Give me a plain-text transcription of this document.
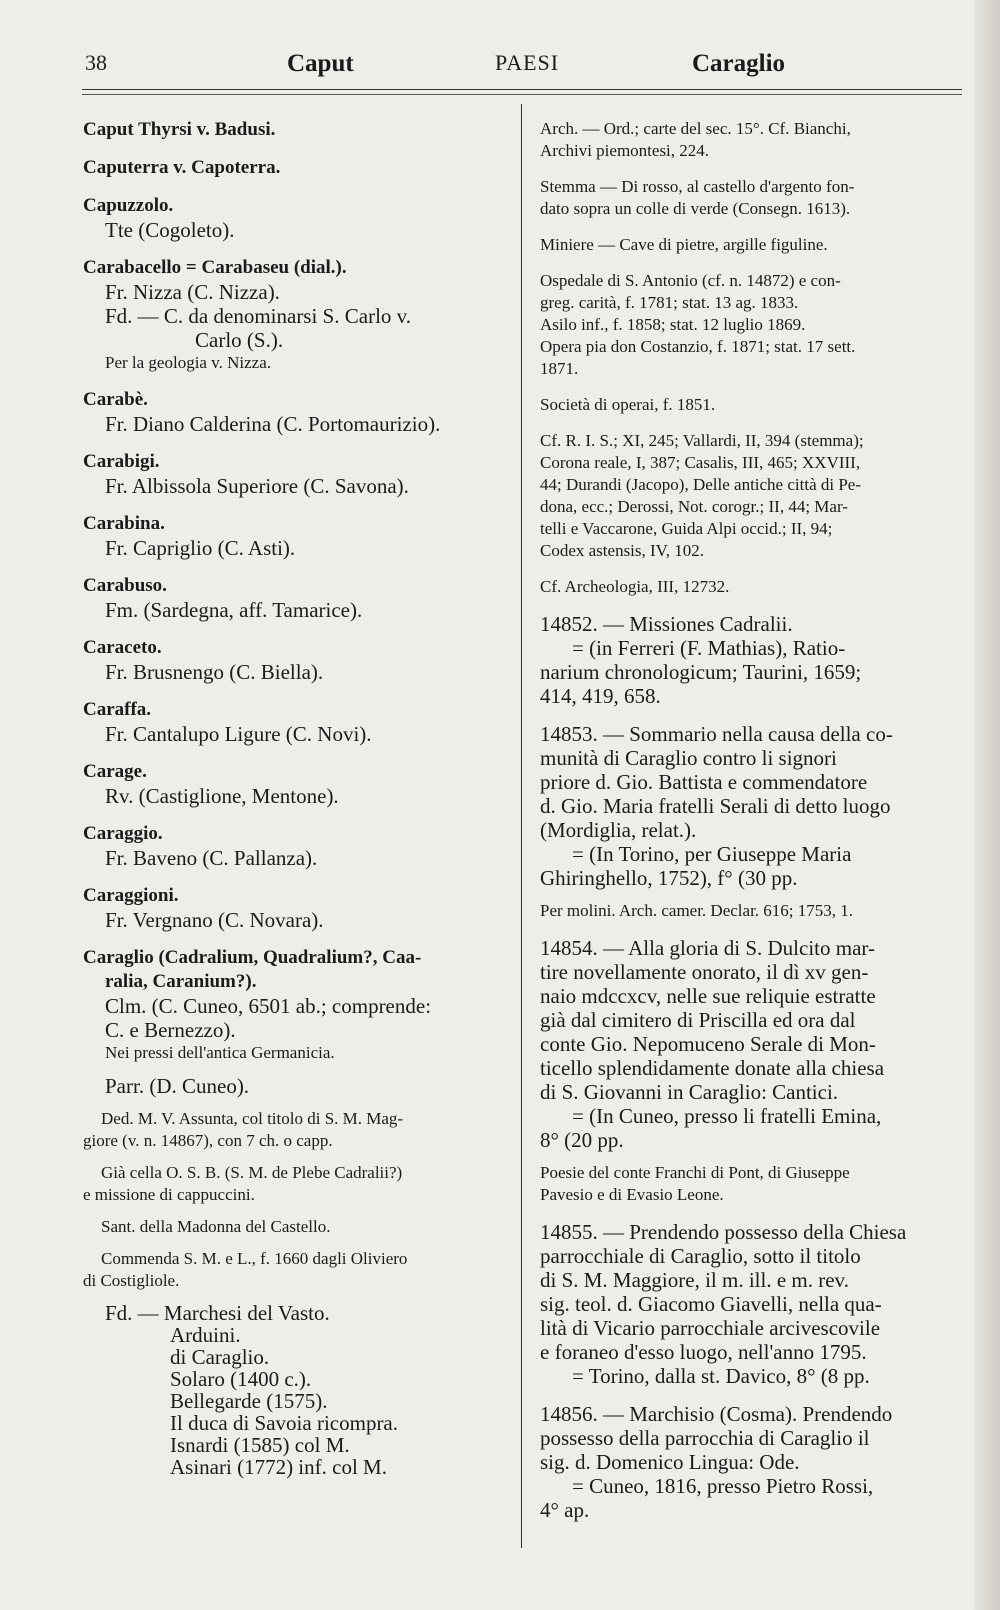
38	Caput	PAESI	Caraglio
Caput Thyrsi v. Badusi.
Caputerra v. Capoterra.
Capuzzolo.
Tte (Cogoleto).
Carabacello = Carabaseu (dial.).
Fr. Nizza (C. Nizza).
Fd. — C. da denominarsi S. Carlo v.
Carlo (S.).
Per la geologia v. Nizza.
Carabè.
Fr. Diano Calderina (C. Portomaurizio).
Carabigi.
Fr. Albissola Superiore (C. Savona).
Carabina.
Fr. Capriglio (C. Asti).
Carabuso.
Fm. (Sardegna, aff. Tamarice).
Caraceto.
Fr. Brusnengo (C. Biella).
Caraffa.
Fr. Cantalupo Ligure (C. Novi).
Carage.
Rv. (Castiglione, Mentone).
Caraggio.
Fr. Baveno (C. Pallanza).
Caraggioni.
Fr. Vergnano (C. Novara).
Caraglio (Cadralium, Quadralium?, Caa-
ralia, Caranium?).
Clm. (C. Cuneo, 6501 ab.; comprende:
C. e Bernezzo).
Nei pressi dell'antica Germanicia.
Parr. (D. Cuneo).
Ded. M. V. Assunta, col titolo di S. M. Mag-
giore (v. n. 14867), con 7 ch. o capp.
Già cella O. S. B. (S. M. de Plebe Cadralii?)
e missione di cappuccini.
Sant. della Madonna del Castello.
Commenda S. M. e L., f. 1660 dagli Oliviero
di Costigliole.
Fd. — Marchesi del Vasto.
Arduini.
di Caraglio.
Solaro (1400 c.).
Bellegarde (1575).
Il duca di Savoia ricompra.
Isnardi (1585) col M.
Asinari (1772) inf. col M.
Arch. — Ord.; carte del sec. 15°. Cf. Bianchi,
Archivi piemontesi, 224.
Stemma — Di rosso, al castello d'argento fon-
dato sopra un colle di verde (Consegn. 1613).
Miniere — Cave di pietre, argille figuline.
Ospedale di S. Antonio (cf. n. 14872) e con-
greg. carità, f. 1781; stat. 13 ag. 1833.
Asilo inf., f. 1858; stat. 12 luglio 1869.
Opera pia don Costanzio, f. 1871; stat. 17 sett.
1871.
Società di operai, f. 1851.
Cf. R. I. S.; XI, 245; Vallardi, II, 394 (stemma);
Corona reale, I, 387; Casalis, III, 465; XXVIII,
44; Durandi (Jacopo), Delle antiche città di Pe-
dona, ecc.; Derossi, Not. corogr.; II, 44; Mar-
telli e Vaccarone, Guida Alpi occid.; II, 94;
Codex astensis, IV, 102.
Cf. Archeologia, III, 12732.
14852. — Missiones Cadralii.
= (in Ferreri (F. Mathias), Ratio-
narium chronologicum; Taurini, 1659;
414, 419, 658.
14853. — Sommario nella causa della co-
munità di Caraglio contro li signori
priore d. Gio. Battista e commendatore
d. Gio. Maria fratelli Serali di detto luogo
(Mordiglia, relat.).
= (In Torino, per Giuseppe Maria
Ghiringhello, 1752), f° (30 pp.
Per molini. Arch. camer. Declar. 616; 1753, 1.
14854. — Alla gloria di S. Dulcito mar-
tire novellamente onorato, il dì xv gen-
naio mdccxcv, nelle sue reliquie estratte
già dal cimitero di Priscilla ed ora dal
conte Gio. Nepomuceno Serale di Mon-
ticello splendidamente donate alla chiesa
di S. Giovanni in Caraglio: Cantici.
= (In Cuneo, presso li fratelli Emina,
8° (20 pp.
Poesie del conte Franchi di Pont, di Giuseppe
Pavesio e di Evasio Leone.
14855. — Prendendo possesso della Chiesa
parrocchiale di Caraglio, sotto il titolo
di S. M. Maggiore, il m. ill. e m. rev.
sig. teol. d. Giacomo Giavelli, nella qua-
lità di Vicario parrocchiale arcivescovile
e foraneo d'esso luogo, nell'anno 1795.
= Torino, dalla st. Davico, 8° (8 pp.
14856. — Marchisio (Cosma). Prendendo
possesso della parrocchia di Caraglio il
sig. d. Domenico Lingua: Ode.
= Cuneo, 1816, presso Pietro Rossi,
4° ap.
